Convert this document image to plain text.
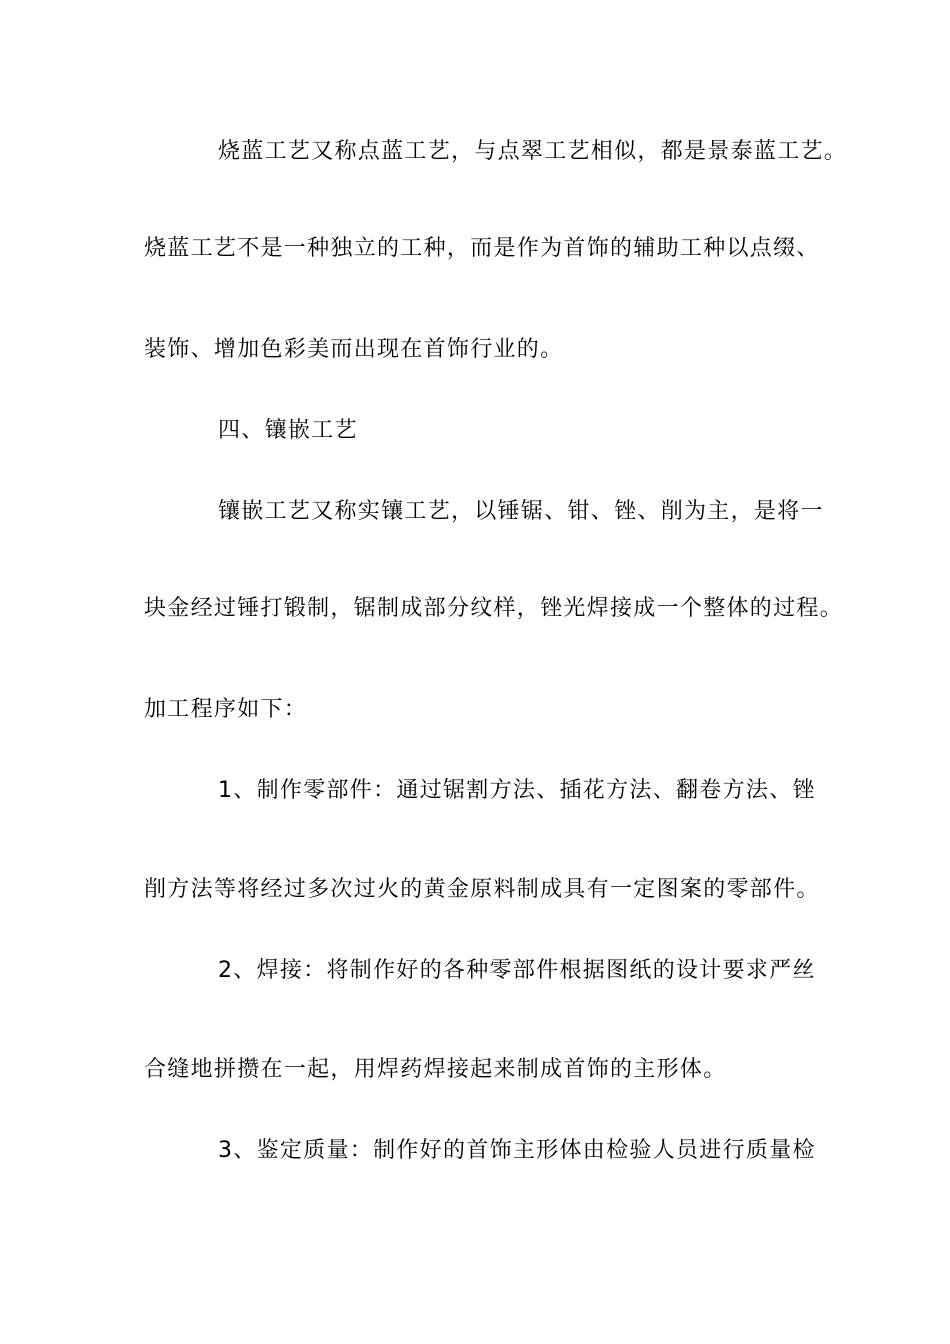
烧蓝工艺又称点蓝工艺，与点翠工艺相似，都是景泰蓝工艺。
烧蓝工艺不是一种独立的工种，而是作为首饰的辅助工种以点缀、
装饰、增加色彩美而出现在首饰行业的。
四、镶嵌工艺
镶嵌工艺又称实镶工艺，以锤锯、钳、锉、削为主，是将一
块金经过锤打锻制，锯制成部分纹样，锉光焊接成一个整体的过程。
加工程序如下：
1、制作零部件：通过锯割方法、插花方法、翻卷方法、锉
削方法等将经过多次过火的黄金原料制成具有一定图案的零部件。
2、焊接：将制作好的各种零部件根据图纸的设计要求严丝
合缝地拼攒在一起，用焊药焊接起来制成首饰的主形体。
3、鉴定质量：制作好的首饰主形体由检验人员进行质量检
